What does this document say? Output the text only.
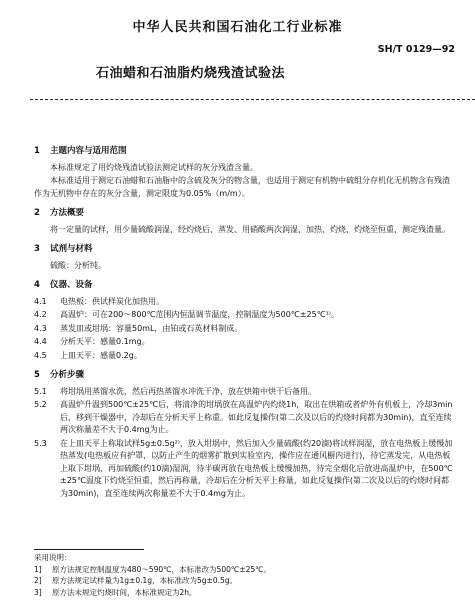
中华人民共和国石油化工行业标准
SH/T 0129—92
石油蜡和石油脂灼烧残渣试验法
1 主题内容与适用范围
本标准规定了用灼烧残渣试验法测定试样的灰分残渣含量。
本标准适用于测定石油蜡和石油脂中的含硫及灰分的物含量，也适用于测定有机物中硫组分存机化无机物含有残渣作为无机物中存在的灰分含量，测定限度为0.05%（m/m）。
2 方法概要
将一定量的试样，用少量硫酸润湿，经灼烧后，蒸发、用硝酸两次润湿，加热、灼烧，灼烧至恒重，测定残渣量。
3 试剂与材料
硫酸：分析纯。
4 仪器、设备
4.1	电热板：供试样炭化加热用。
4.2	高温炉：可在200～800℃范围内恒温调节温度，控制温度为500℃±25℃¹⁾。
4.3	蒸发皿或坩埚：容量50mL，由铂或石英材料制成。
4.4	分析天平：感量0.1mg。
4.5	上皿天平：感量0.2g。
5 分析步骤
5.1	将坩埚用蒸馏水洗，然后再热蒸馏水冲洗干净，放在烘箱中烘干后备用。
5.2	高温炉升温到500℃±25℃后，将清净的坩埚放在高温炉内灼烧1h，取出在烘箱或者炉外有机板上，冷却3min后，移到干燥器中，冷却后在分析天平上称重。如此反复操作(第二次及以后的灼烧时间都为30min)，直至连续两次称量差不大于0.4mg为止。
5.3	在上皿天平上称取试样5g±0.5g²⁾，放入坩埚中，然后加入少量硫酸(约20滴)将试样润湿，放在电热板上缓慢加热蒸发(电热板应有护罩，以防止产生的烟雾扩散到实验室内，操作应在通风橱内进行)，待它蒸发完，从电热板上取下坩埚，再加硫酸(约10滴)湿润，待半碳再放在电热板上缓慢加热，待完全烟化后放进高温炉中，在500℃±25℃温度下灼烧至恒重，然后再称量，冷却后在分析天平上称量，如此反复操作(第二次及以后的灼烧时间都为30min)，直至连续两次称量差不大于0.4mg为止。
采用说明：
1]	原方法规定控制温度为480～590℃，本标准改为500℃±25℃。
2]	原方法规定试样量为1g±0.1g，本标准改为5g±0.5g。
3]	原方法未规定灼烧时间，本标准规定为2h。
